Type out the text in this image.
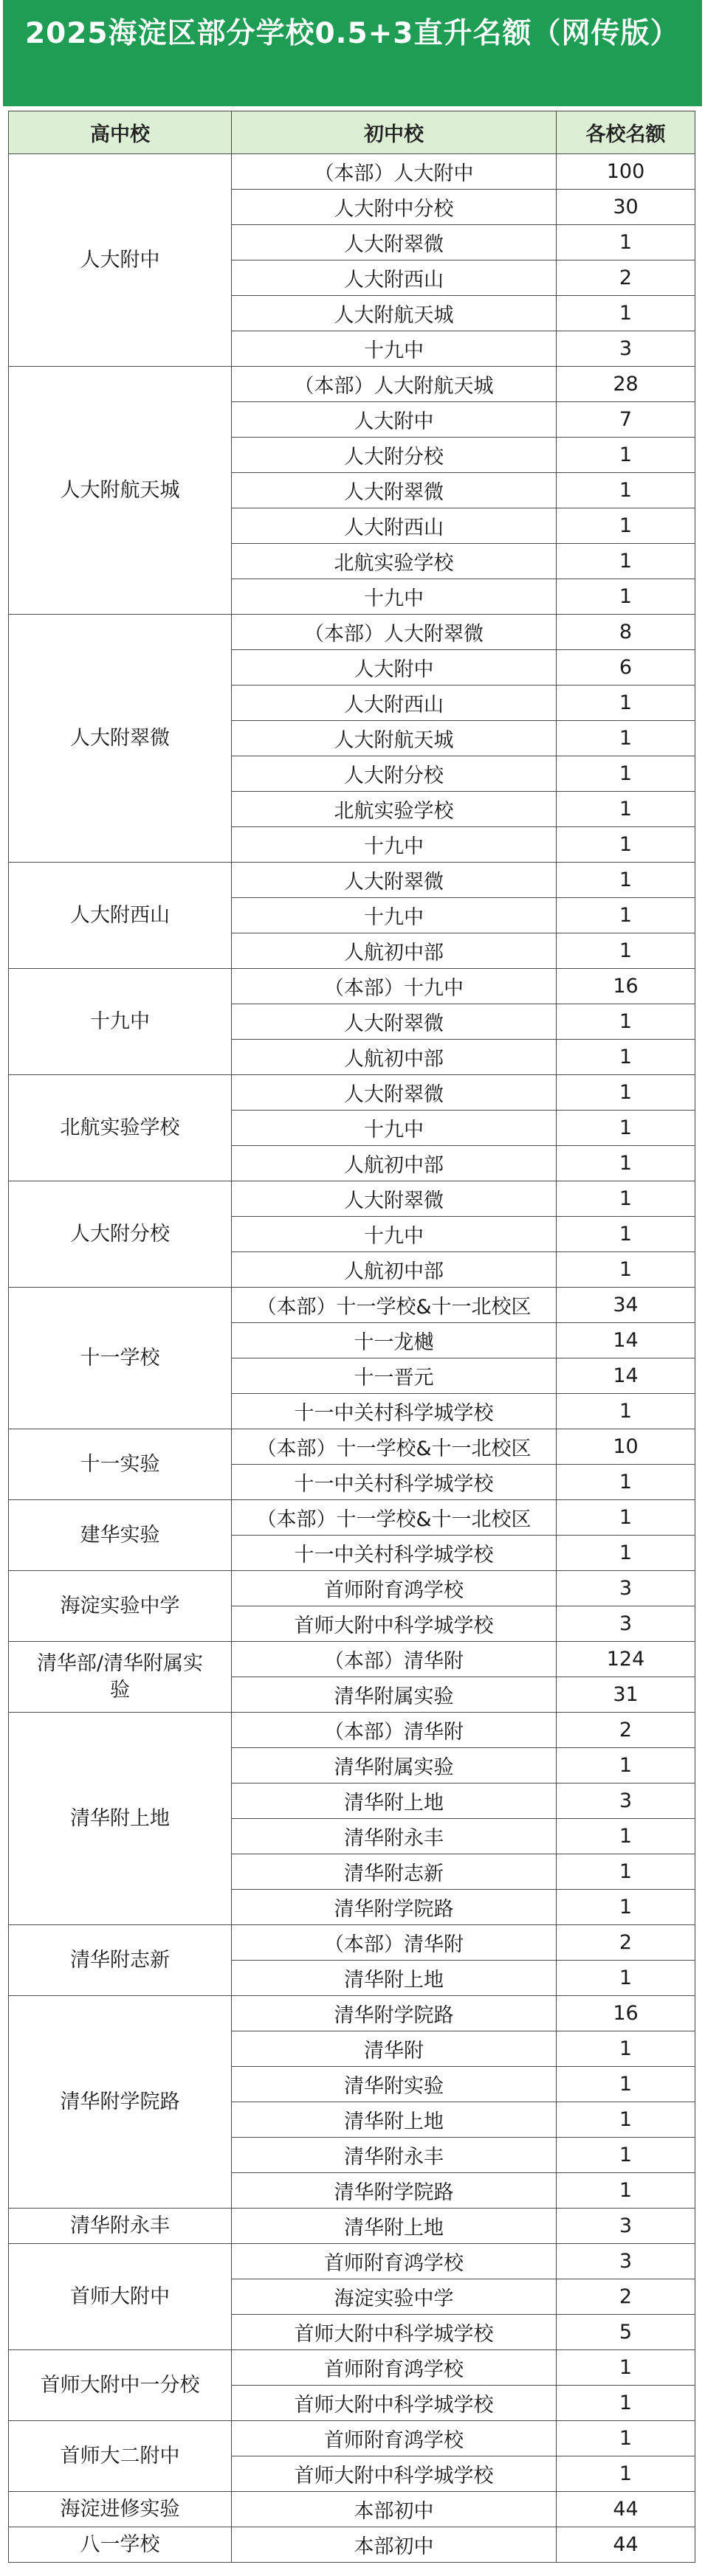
2025海淀区部分学校0.5+3直升名额（网传版）
高中校	初中校	各校名额
人大附中	（本部）人大附中	100
	人大附中分校	30
	人大附翠微	1
	人大附西山	2
	人大附航天城	1
	十九中	3
人大附航天城	（本部）人大附航天城	28
	人大附中	7
	人大附分校	1
	人大附翠微	1
	人大附西山	1
	北航实验学校	1
	十九中	1
人大附翠微	（本部）人大附翠微	8
	人大附中	6
	人大附西山	1
	人大附航天城	1
	人大附分校	1
	北航实验学校	1
	十九中	1
人大附西山	人大附翠微	1
	十九中	1
	人航初中部	1
十九中	（本部）十九中	16
	人大附翠微	1
	人航初中部	1
北航实验学校	人大附翠微	1
	十九中	1
	人航初中部	1
人大附分校	人大附翠微	1
	十九中	1
	人航初中部	1
十一学校	（本部）十一学校&十一北校区	34
	十一龙樾	14
	十一晋元	14
	十一中关村科学城学校	1
十一实验	（本部）十一学校&十一北校区	10
	十一中关村科学城学校	1
建华实验	（本部）十一学校&十一北校区	1
	十一中关村科学城学校	1
海淀实验中学	首师附育鸿学校	3
	首师大附中科学城学校	3
清华部/清华附属实验	（本部）清华附	124
	清华附属实验	31
清华附上地	（本部）清华附	2
	清华附属实验	1
	清华附上地	3
	清华附永丰	1
	清华附志新	1
	清华附学院路	1
清华附志新	（本部）清华附	2
	清华附上地	1
清华附学院路	清华附学院路	16
	清华附	1
	清华附实验	1
	清华附上地	1
	清华附永丰	1
	清华附学院路	1
清华附永丰	清华附上地	3
首师大附中	首师附育鸿学校	3
	海淀实验中学	2
	首师大附中科学城学校	5
首师大附中一分校	首师附育鸿学校	1
	首师大附中科学城学校	1
首师大二附中	首师附育鸿学校	1
	首师大附中科学城学校	1
海淀进修实验	本部初中	44
八一学校	本部初中	44
